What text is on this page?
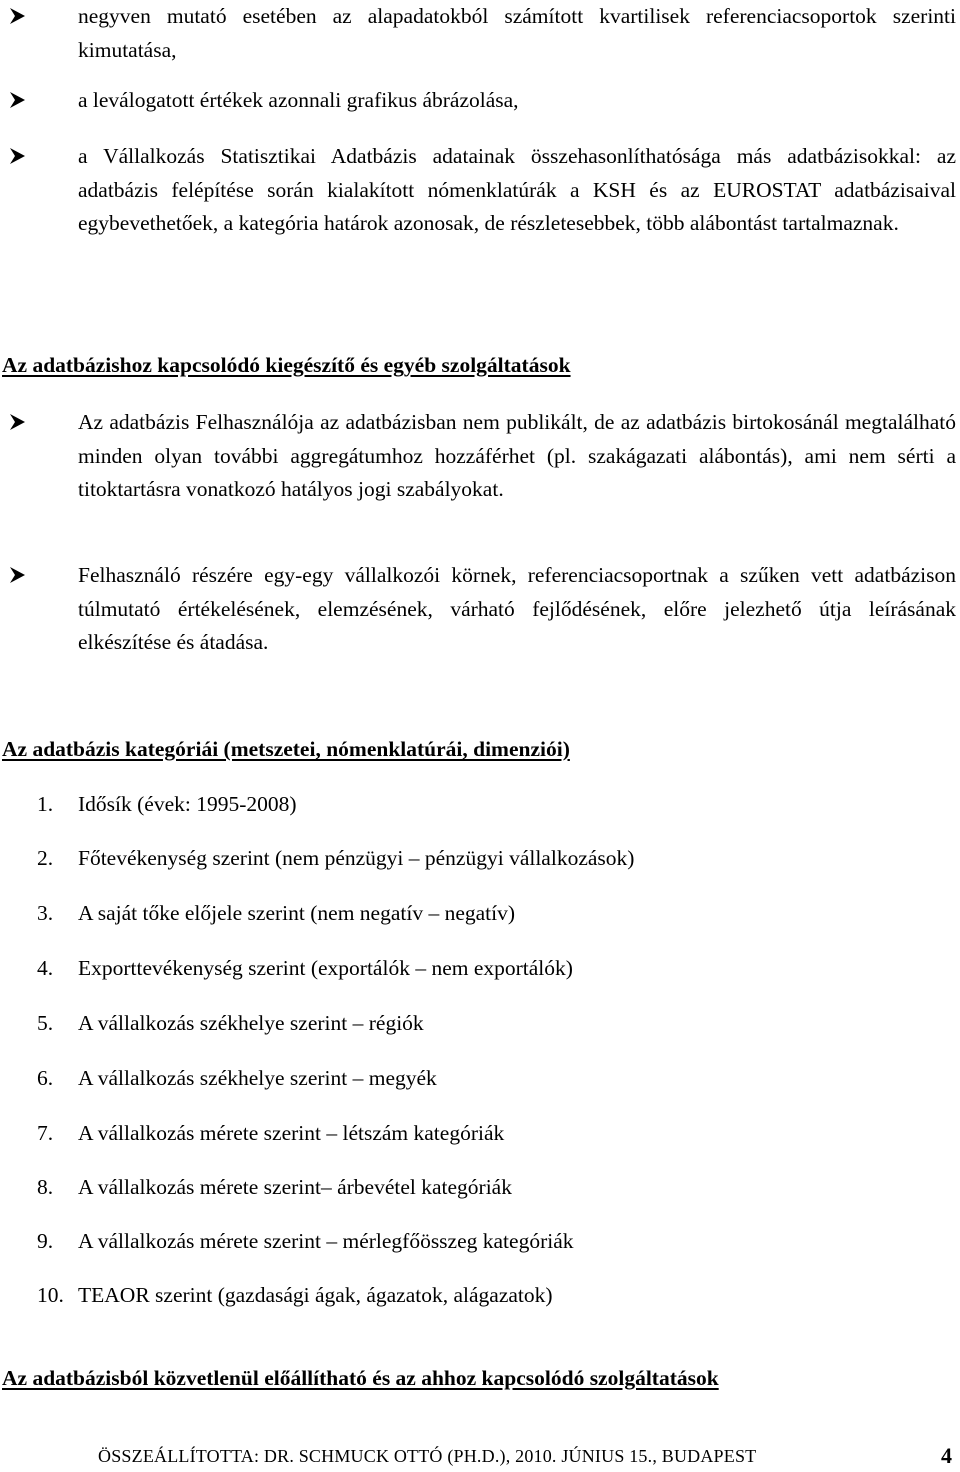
negyven mutató esetében az alapadatokból számított kvartilisek referenciacsoportok szerinti kimutatása,
a leválogatott értékek azonnali grafikus ábrázolása,
a Vállalkozás Statisztikai Adatbázis adatainak összehasonlíthatósága más adatbázisokkal: az adatbázis felépítése során kialakított nómenklatúrák a KSH és az EUROSTAT adatbázisaival egybevethetőek, a kategória határok azonosak, de részletesebbek, több alábontást tartalmaznak.
Az adatbázishoz kapcsolódó kiegészítő és egyéb szolgáltatások
Az adatbázis Felhasználója az adatbázisban nem publikált, de az adatbázis birtokosánál megtalálható minden olyan további aggregátumhoz hozzáférhet (pl. szakágazati alábontás), ami nem sérti a titoktartásra vonatkozó hatályos jogi szabályokat.
Felhasználó részére egy-egy vállalkozói körnek, referenciacsoportnak a szűken vett adatbázison túlmutató értékelésének, elemzésének, várható fejlődésének, előre jelezhető útja leírásának elkészítése és átadása.
Az adatbázis kategóriái (metszetei, nómenklatúrái, dimenziói)
1. Idősík (évek: 1995-2008)
2. Főtevékenység szerint (nem pénzügyi – pénzügyi vállalkozások)
3. A saját tőke előjele szerint (nem negatív – negatív)
4. Exporttevékenység szerint (exportálók – nem exportálók)
5. A vállalkozás székhelye szerint – régiók
6. A vállalkozás székhelye szerint – megyék
7. A vállalkozás mérete szerint – létszám kategóriák
8. A vállalkozás mérete szerint– árbevétel kategóriák
9. A vállalkozás mérete szerint – mérlegfőösszeg kategóriák
10. TEAOR szerint (gazdasági ágak, ágazatok, alágazatok)
Az adatbázisból közvetlenül előállítható és az ahhoz kapcsolódó szolgáltatások
ÖSSZEÁLLÍTOTTA: DR. SCHMUCK OTTÓ (PH.D.), 2010. JÚNIUS 15., BUDAPEST	4
